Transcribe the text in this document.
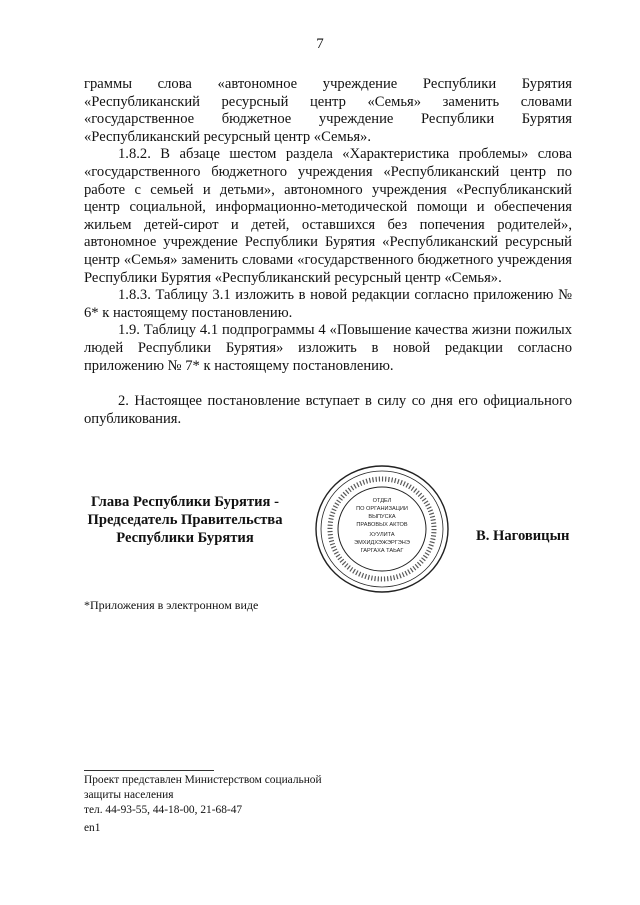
7

граммы слова «автономное учреждение Республики Бурятия «Республиканский ресурсный центр «Семья» заменить словами «государственное бюджетное учреждение Республики Бурятия «Республиканский ресурсный центр «Семья».

1.8.2. В абзаце шестом раздела «Характеристика проблемы» слова «государственного бюджетного учреждения «Республиканский центр по работе с семьей и детьми», автономного учреждения «Республиканский центр социальной, информационно-методической помощи и обеспечения жильем детей-сирот и детей, оставшихся без попечения родителей», автономное учреждение Республики Бурятия «Республиканский ресурсный центр «Семья» заменить словами «государственного бюджетного учреждения Республики Бурятия «Республиканский ресурсный центр «Семья».

1.8.3. Таблицу 3.1 изложить в новой редакции согласно приложению № 6* к настоящему постановлению.

1.9. Таблицу 4.1 подпрограммы 4 «Повышение качества жизни пожилых людей Республики Бурятия» изложить в новой редакции согласно приложению № 7* к настоящему постановлению.

2. Настоящее постановление вступает в силу со дня его официального опубликования.

Глава Республики Бурятия -
Председатель Правительства
Республики Бурятия
ОТДЕЛ
ПО ОРГАНИЗАЦИИ
ВЫПУСКА
ПРАВОВЫХ АКТОВ
ХУУЛИТА
ЭМХИДХЭЖЭРГЭНЭ
ГАРГАХА ТАЬАГ
В. Наговицын
*Приложения в электронном виде
Проект представлен Министерством социальной
защиты населения
тел. 44-93-55, 44-18-00, 21-68-47
en1
